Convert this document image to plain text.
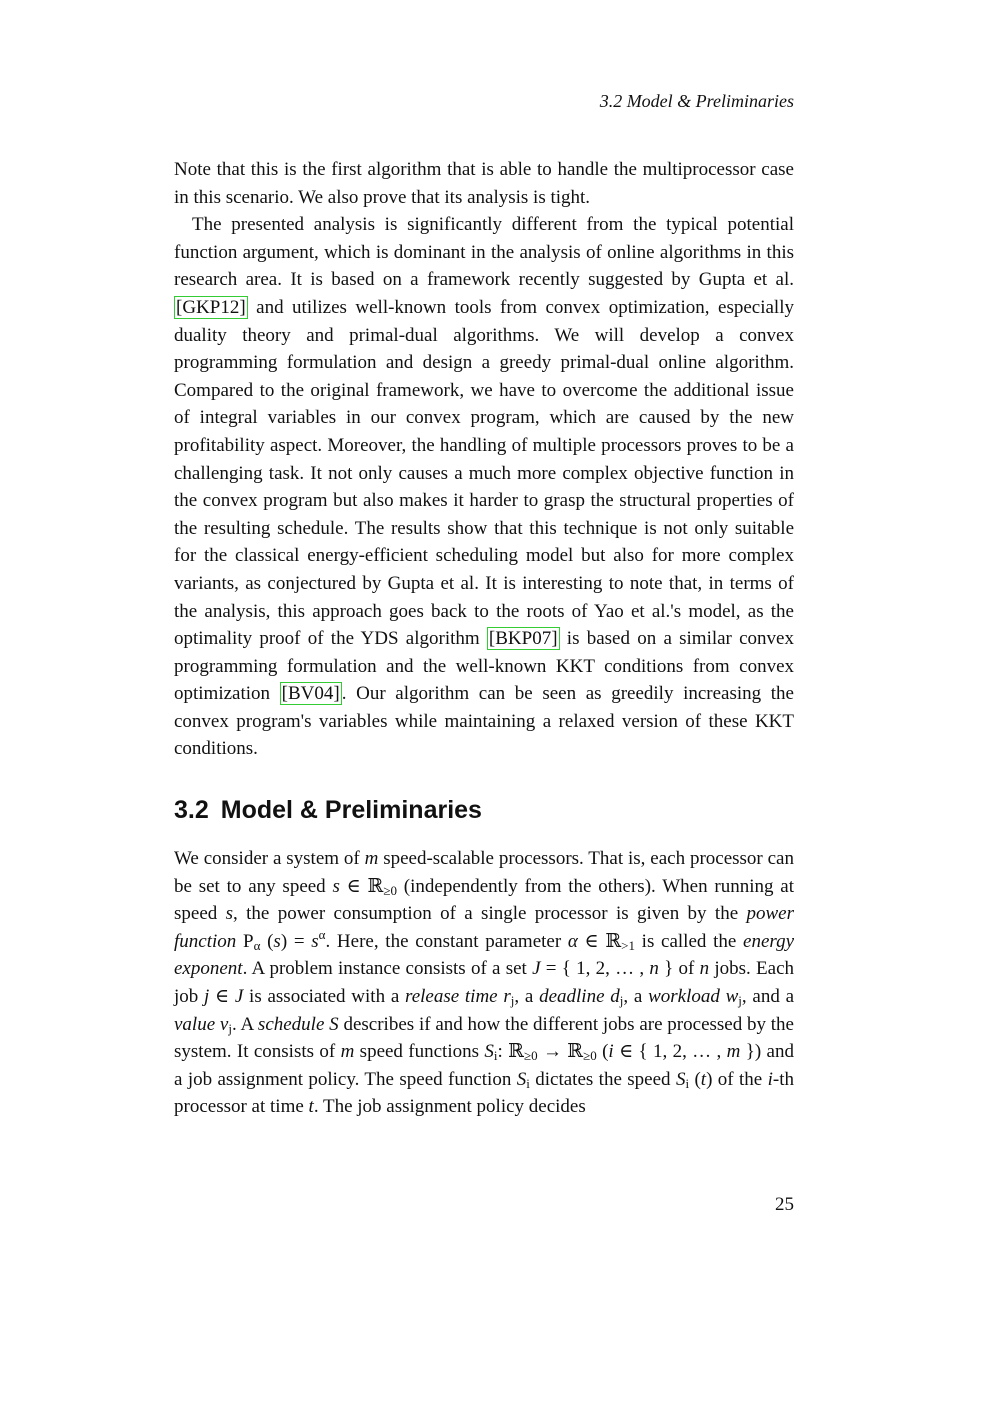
3.2 Model & Preliminaries

Note that this is the first algorithm that is able to handle the multiprocessor case in this scenario. We also prove that its analysis is tight.

The presented analysis is significantly different from the typical potential function argument, which is dominant in the analysis of online algorithms in this research area. It is based on a framework recently suggested by Gupta et al. [GKP12] and utilizes well-known tools from convex optimization, especially duality theory and primal-dual algorithms. We will develop a convex programming formulation and design a greedy primal-dual online algorithm. Compared to the original framework, we have to overcome the additional issue of integral variables in our convex program, which are caused by the new profitability aspect. Moreover, the handling of multiple processors proves to be a challenging task. It not only causes a much more complex objective function in the convex program but also makes it harder to grasp the structural properties of the resulting schedule. The results show that this technique is not only suitable for the classical energy-efficient scheduling model but also for more complex variants, as conjectured by Gupta et al. It is interesting to note that, in terms of the analysis, this approach goes back to the roots of Yao et al.'s model, as the optimality proof of the YDS algorithm [BKP07] is based on a similar convex programming formulation and the well-known KKT conditions from convex optimization [BV04] . Our algorithm can be seen as greedily increasing the convex program's variables while maintaining a relaxed version of these KKT conditions.

3.2 Model & Preliminaries

We consider a system of m speed-scalable processors. That is, each processor can be set to any speed s ∈ ℝ$_{\ge 0}$ (independently from the others). When running at speed s, the power consumption of a single processor is given by the power function $P_\alpha$ $(s) = s^\alpha$. Here, the constant parameter α ∈ ℝ$_{>1}$ is called the energy exponent. A problem instance consists of a set J = { 1, 2, … , n } of n jobs. Each job j ∈ J is associated with a release time $r_j$, a deadline $d_j$, a workload $w_j$, and a value $v_j$. A schedule S describes if and how the different jobs are processed by the system. It consists of m speed functions $S_i$: ℝ$_{\ge 0}$ → ℝ$_{\ge 0}$ (i ∈ { 1, 2, … , m }) and a job assignment policy. The speed function $S_i$ dictates the speed $S_i$ (t) of the i-th processor at time t. The job assignment policy decides

25
